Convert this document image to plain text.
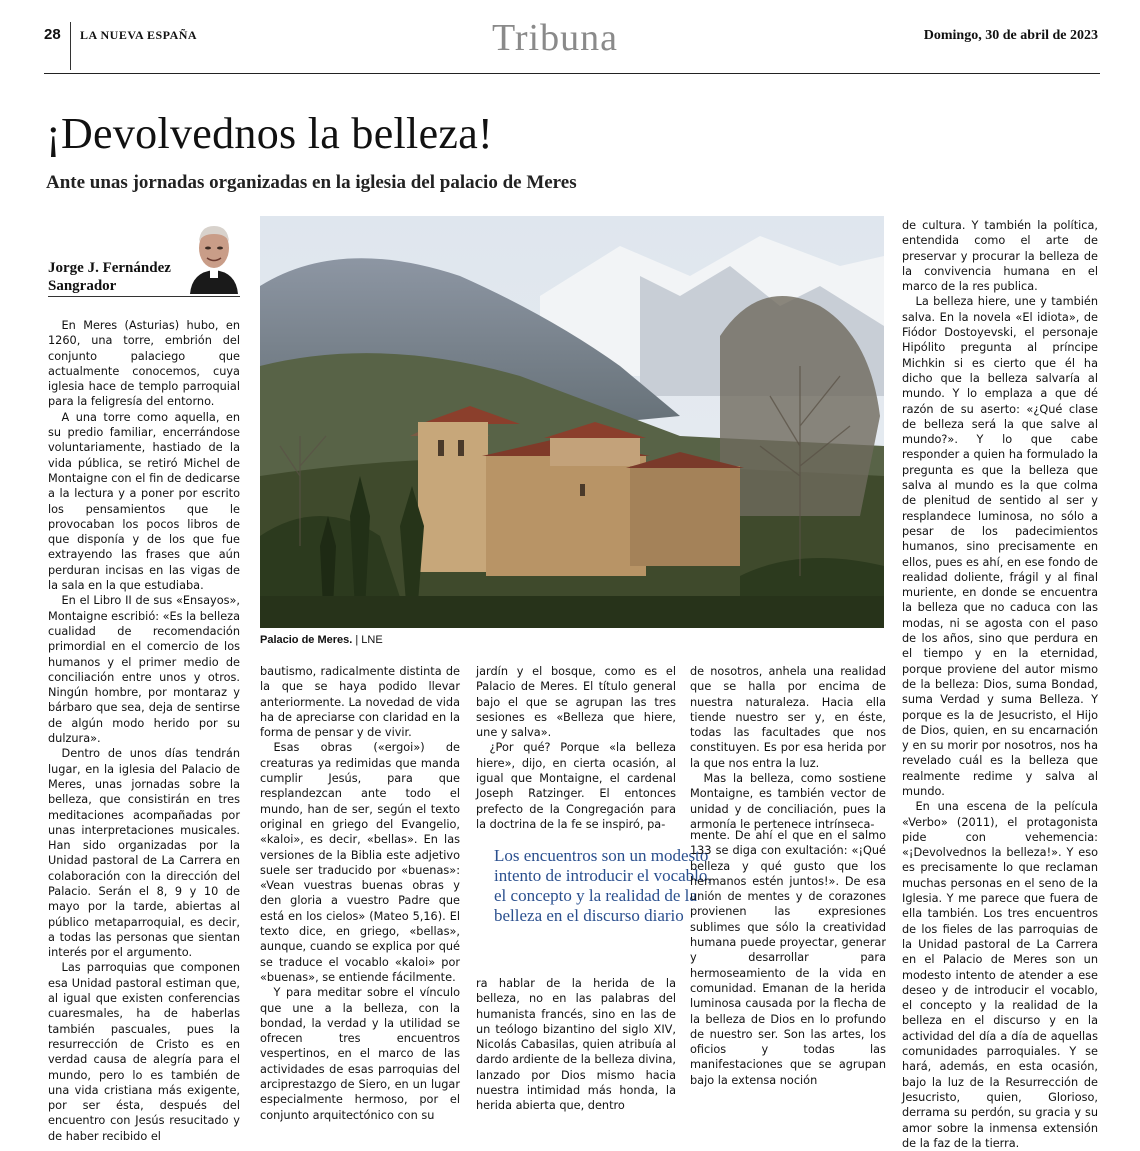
28 LA NUEVA ESPAÑA	Tribuna	Domingo, 30 de abril de 2023
¡Devolvednos la belleza!
Ante unas jornadas organizadas en la iglesia del palacio de Meres
Jorge J. Fernández
Sangrador
Palacio de Meres. | LNE

En Meres (Asturias) hubo, en 1260, una torre, embrión del conjunto palaciego que actualmente conocemos, cuya iglesia hace de templo parroquial para la feligresía del entorno.

A una torre como aquella, en su predio familiar, encerrándose voluntariamente, hastiado de la vida pública, se retiró Michel de Montaigne con el fin de dedicarse a la lectura y a poner por escrito los pensamientos que le provocaban los pocos libros de que disponía y de los que fue extrayendo las frases que aún perduran incisas en las vigas de la sala en la que estudiaba.

En el Libro II de sus «Ensayos», Montaigne escribió: «Es la belleza cualidad de recomendación primordial en el comercio de los humanos y el primer medio de conciliación entre unos y otros. Ningún hombre, por montaraz y bárbaro que sea, deja de sentirse de algún modo herido por su dulzura».

Dentro de unos días tendrán lugar, en la iglesia del Palacio de Meres, unas jornadas sobre la belleza, que consistirán en tres meditaciones acompañadas por unas interpretaciones musicales. Han sido organizadas por la Unidad pastoral de La Carrera en colaboración con la dirección del Palacio. Serán el 8, 9 y 10 de mayo por la tarde, abiertas al público metaparroquial, es decir, a todas las personas que sientan interés por el argumento.

Las parroquias que componen esa Unidad pastoral estiman que, al igual que existen conferencias cuaresmales, ha de haberlas también pascuales, pues la resurrección de Cristo es en verdad causa de alegría para el mundo, pero lo es también de una vida cristiana más exigente, por ser ésta, después del encuentro con Jesús resucitado y de haber recibido el

bautismo, radicalmente distinta de la que se haya podido llevar anteriormente. La novedad de vida ha de apreciarse con claridad en la forma de pensar y de vivir.

Esas obras («ergoi») de creaturas ya redimidas que manda cumplir Jesús, para que resplandezcan ante todo el mundo, han de ser, según el texto original en griego del Evangelio, «kaloi», es decir, «bellas». En las versiones de la Biblia este adjetivo suele ser traducido por «buenas»: «Vean vuestras buenas obras y den gloria a vuestro Padre que está en los cielos» (Mateo 5,16). El texto dice, en griego, «bellas», aunque, cuando se explica por qué se traduce el vocablo «kaloi» por «buenas», se entiende fácilmente.

Y para meditar sobre el vínculo que une a la belleza, con la bondad, la verdad y la utilidad se ofrecen tres encuentros vespertinos, en el marco de las actividades de esas parroquias del arciprestazgo de Siero, en un lugar especialmente hermoso, por el conjunto arquitectónico con su

jardín y el bosque, como es el Palacio de Meres. El título general bajo el que se agrupan las tres sesiones es «Belleza que hiere, une y salva».

¿Por qué? Porque «la belleza hiere», dijo, en cierta ocasión, al igual que Montaigne, el cardenal Joseph Ratzinger. El entonces prefecto de la Congregación para la doctrina de la fe se inspiró, pa-

Los encuentros son un modesto intento de introducir el vocablo, el concepto y la realidad de la belleza en el discurso diario

ra hablar de la herida de la belleza, no en las palabras del humanista francés, sino en las de un teólogo bizantino del siglo XIV, Nicolás Cabasilas, quien atribuía al dardo ardiente de la belleza divina, lanzado por Dios mismo hacia nuestra intimidad más honda, la herida abierta que, dentro

de nosotros, anhela una realidad que se halla por encima de nuestra naturaleza. Hacia ella tiende nuestro ser y, en éste, todas las facultades que nos constituyen. Es por esa herida por la que nos entra la luz.

Mas la belleza, como sostiene Montaigne, es también vector de unidad y de conciliación, pues la armonía le pertenece intrínseca-

mente. De ahí el que en el salmo 133 se diga con exultación: «¡Qué belleza y qué gusto que los hermanos estén juntos!». De esa unión de mentes y de corazones provienen las expresiones sublimes que sólo la creatividad humana puede proyectar, generar y desarrollar para hermoseamiento de la vida en comunidad. Emanan de la herida luminosa causada por la flecha de la belleza de Dios en lo profundo de nuestro ser. Son las artes, los oficios y todas las manifestaciones que se agrupan bajo la extensa noción

de cultura. Y también la política, entendida como el arte de preservar y procurar la belleza de la convivencia humana en el marco de la res publica.

La belleza hiere, une y también salva. En la novela «El idiota», de Fiódor Dostoyevski, el personaje Hipólito pregunta al príncipe Michkin si es cierto que él ha dicho que la belleza salvaría al mundo. Y lo emplaza a que dé razón de su aserto: «¿Qué clase de belleza será la que salve al mundo?». Y lo que cabe responder a quien ha formulado la pregunta es que la belleza que salva al mundo es la que colma de plenitud de sentido al ser y resplandece luminosa, no sólo a pesar de los padecimientos humanos, sino precisamente en ellos, pues es ahí, en ese fondo de realidad doliente, frágil y al final muriente, en donde se encuentra la belleza que no caduca con las modas, ni se agosta con el paso de los años, sino que perdura en el tiempo y en la eternidad, porque proviene del autor mismo de la belleza: Dios, suma Bondad, suma Verdad y suma Belleza. Y porque es la de Jesucristo, el Hijo de Dios, quien, en su encarnación y en su morir por nosotros, nos ha revelado cuál es la belleza que realmente redime y salva al mundo.

En una escena de la película «Verbo» (2011), el protagonista pide con vehemencia: «¡Devolvednos la belleza!». Y eso es precisamente lo que reclaman muchas personas en el seno de la Iglesia. Y me parece que fuera de ella también. Los tres encuentros de los fieles de las parroquias de la Unidad pastoral de La Carrera en el Palacio de Meres son un modesto intento de atender a ese deseo y de introducir el vocablo, el concepto y la realidad de la belleza en el discurso y en la actividad del día a día de aquellas comunidades parroquiales. Y se hará, además, en esta ocasión, bajo la luz de la Resurrección de Jesucristo, quien, Glorioso, derrama su perdón, su gracia y su amor sobre la inmensa extensión de la faz de la tierra.
